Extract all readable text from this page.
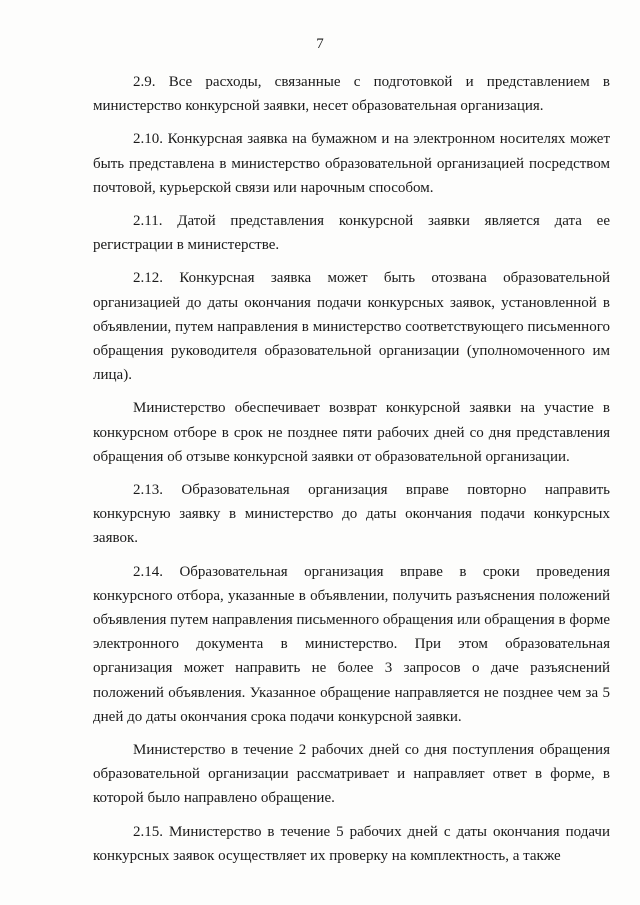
7

2.9. Все расходы, связанные с подготовкой и представлением в министерство конкурсной заявки, несет образовательная организация.

2.10. Конкурсная заявка на бумажном и на электронном носителях может быть представлена в министерство образовательной организацией посредством почтовой, курьерской связи или нарочным способом.

2.11. Датой представления конкурсной заявки является дата ее регистрации в министерстве.

2.12. Конкурсная заявка может быть отозвана образовательной организацией до даты окончания подачи конкурсных заявок, установленной в объявлении, путем направления в министерство соответствующего письменного обращения руководителя образовательной организации (уполномоченного им лица).

Министерство обеспечивает возврат конкурсной заявки на участие в конкурсном отборе в срок не позднее пяти рабочих дней со дня представления обращения об отзыве конкурсной заявки от образовательной организации.

2.13. Образовательная организация вправе повторно направить конкурсную заявку в министерство до даты окончания подачи конкурсных заявок.

2.14. Образовательная организация вправе в сроки проведения конкурсного отбора, указанные в объявлении, получить разъяснения положений объявления путем направления письменного обращения или обращения в форме электронного документа в министерство. При этом образовательная организация может направить не более 3 запросов о даче разъяснений положений объявления. Указанное обращение направляется не позднее чем за 5 дней до даты окончания срока подачи конкурсной заявки.

Министерство в течение 2 рабочих дней со дня поступления обращения образовательной организации рассматривает и направляет ответ в форме, в которой было направлено обращение.

2.15. Министерство в течение 5 рабочих дней с даты окончания подачи конкурсных заявок осуществляет их проверку на комплектность, а также
